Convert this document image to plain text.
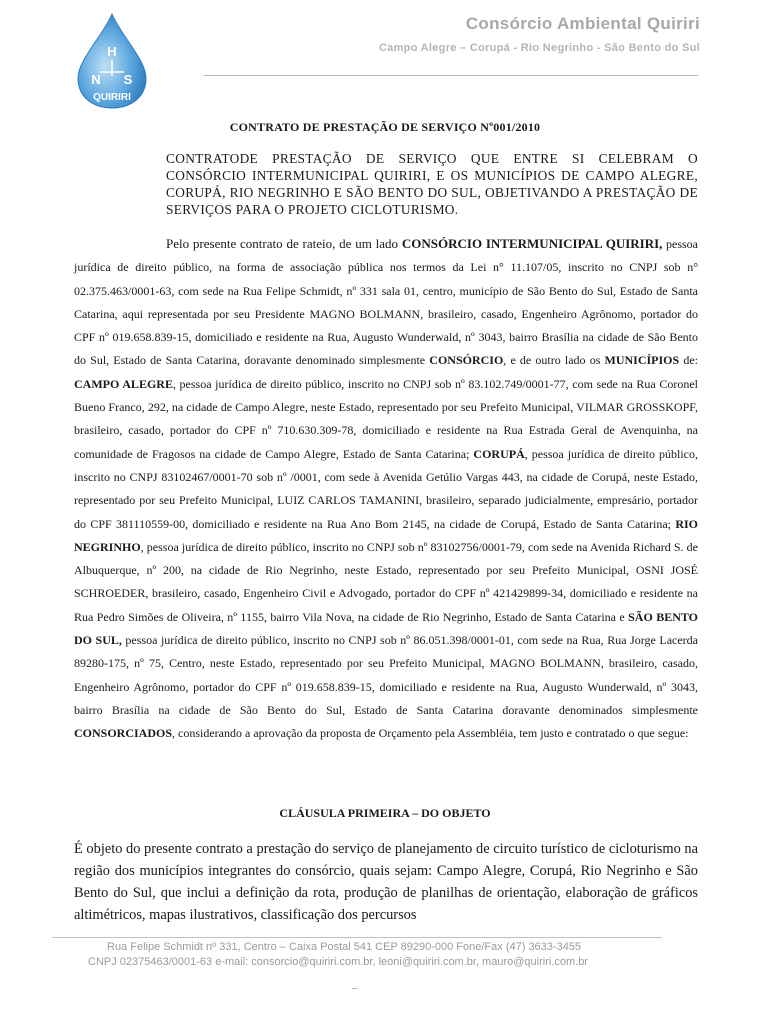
H
N S
QUIRIRI
Consórcio Ambiental Quiriri
Campo Alegre – Corupá - Rio Negrinho - São Bento do Sul
CONTRATO DE PRESTAÇÃO DE SERVIÇO Nº001/2010
CONTRATODE PRESTAÇÃO DE SERVIÇO QUE ENTRE SI CELEBRAM O CONSÓRCIO INTERMUNICIPAL QUIRIRI, E OS MUNICÍPIOS DE CAMPO ALEGRE, CORUPÁ, RIO NEGRINHO E SÃO BENTO DO SUL, OBJETIVANDO A PRESTAÇÃO DE SERVIÇOS PARA O PROJETO CICLOTURISMO.

Pelo presente contrato de rateio, de um lado CONSÓRCIO INTERMUNICIPAL QUIRIRI, pessoa jurídica de direito público, na forma de associação pública nos termos da Lei n° 11.107/05, inscrito no CNPJ sob n° 02.375.463/0001-63, com sede na Rua Felipe Schmidt, nº 331 sala 01, centro, município de São Bento do Sul, Estado de Santa Catarina, aqui representada por seu Presidente MAGNO BOLMANN, brasileiro, casado, Engenheiro Agrônomo, portador do CPF nº 019.658.839-15, domiciliado e residente na Rua, Augusto Wunderwald, nº 3043, bairro Brasília na cidade de São Bento do Sul, Estado de Santa Catarina, doravante denominado simplesmente CONSÓRCIO, e de outro lado os MUNICÍPIOS de: CAMPO ALEGRE, pessoa jurídica de direito público, inscrito no CNPJ sob nº 83.102.749/0001-77, com sede na Rua Coronel Bueno Franco, 292, na cidade de Campo Alegre, neste Estado, representado por seu Prefeito Municipal, VILMAR GROSSKOPF, brasileiro, casado, portador do CPF nº 710.630.309-78, domiciliado e residente na Rua Estrada Geral de Avenquinha, na comunidade de Fragosos na cidade de Campo Alegre, Estado de Santa Catarina; CORUPÁ, pessoa jurídica de direito público, inscrito no CNPJ 83102467/0001-70 sob nº /0001, com sede à Avenida Getúlio Vargas 443, na cidade de Corupá, neste Estado, representado por seu Prefeito Municipal, LUIZ CARLOS TAMANINI, brasileiro, separado judicialmente, empresário, portador do CPF 381110559-00, domiciliado e residente na Rua Ano Bom 2145, na cidade de Corupá, Estado de Santa Catarina; RIO NEGRINHO, pessoa jurídica de direito público, inscrito no CNPJ sob nº 83102756/0001-79, com sede na Avenida Richard S. de Albuquerque, nº 200, na cidade de Rio Negrinho, neste Estado, representado por seu Prefeito Municipal, OSNI JOSÉ SCHROEDER, brasileiro, casado, Engenheiro Civil e Advogado, portador do CPF nº 421429899-34, domiciliado e residente na Rua Pedro Simões de Oliveira, nº 1155, bairro Vila Nova, na cidade de Rio Negrinho, Estado de Santa Catarina e SÃO BENTO DO SUL, pessoa jurídica de direito público, inscrito no CNPJ sob nº 86.051.398/0001-01, com sede na Rua, Rua Jorge Lacerda 89280-175, nº 75, Centro, neste Estado, representado por seu Prefeito Municipal, MAGNO BOLMANN, brasileiro, casado, Engenheiro Agrônomo, portador do CPF nº 019.658.839-15, domiciliado e residente na Rua, Augusto Wunderwald, nº 3043, bairro Brasília na cidade de São Bento do Sul, Estado de Santa Catarina doravante denominados simplesmente CONSORCIADOS, considerando a aprovação da proposta de Orçamento pela Assembléia, tem justo e contratado o que segue:

CLÁUSULA PRIMEIRA – DO OBJETO

É objeto do presente contrato a prestação do serviço de planejamento de circuito turístico de cicloturismo na região dos municípios integrantes do consórcio, quais sejam: Campo Alegre, Corupá, Rio Negrinho e São Bento do Sul, que inclui a definição da rota, produção de planilhas de orientação, elaboração de gráficos altimétricos, mapas ilustrativos, classificação dos percursos

Rua Felipe Schmidt nº 331, Centro – Caixa Postal 541 CEP 89290-000 Fone/Fax (47) 3633-3455
CNPJ 02375463/0001-63 e-mail: consorcio@quiriri.com.br, leoni@quiriri.com.br, mauro@quiriri.com.br
